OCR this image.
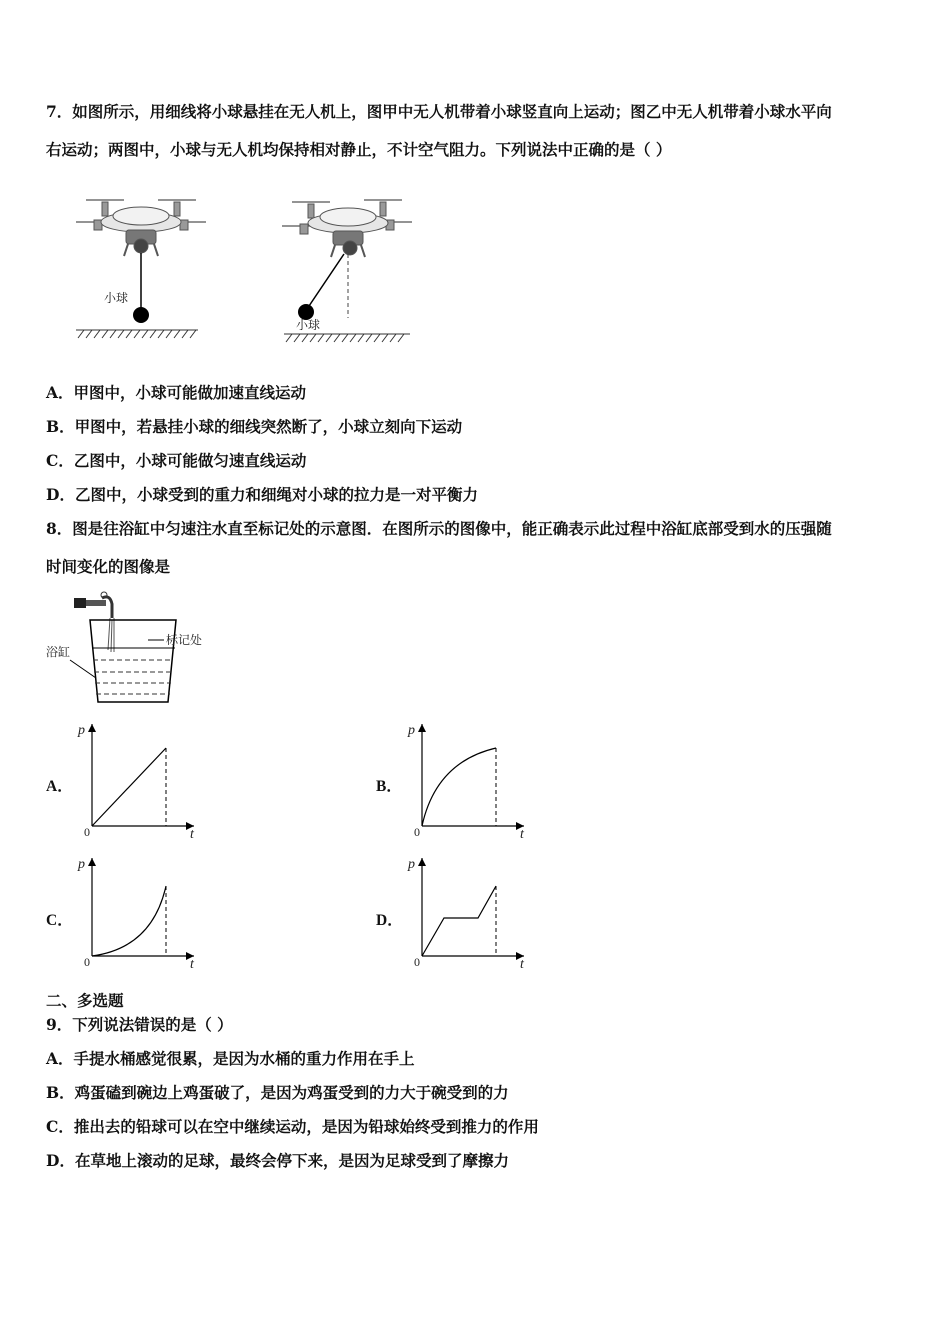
7．如图所示，用细线将小球悬挂在无人机上，图甲中无人机带着小球竖直向上运动；图乙中无人机带着小球水平向
右运动；两图中，小球与无人机均保持相对静止，不计空气阻力。下列说法中正确的是（ ）
小球
小球
A．甲图中，小球可能做加速直线运动
B．甲图中，若悬挂小球的细线突然断了，小球立刻向下运动
C．乙图中，小球可能做匀速直线运动
D．乙图中，小球受到的重力和细绳对小球的拉力是一对平衡力
8．图是往浴缸中匀速注水直至标记处的示意图．在图所示的图像中，能正确表示此过程中浴缸底部受到水的压强随
时间变化的图像是
标记处
浴缸
A．
p
t
0
B．
p
t
0
C．
p
t
0
D．
p
t
0
二、多选题
9．下列说法错误的是（ ）
A．手提水桶感觉很累，是因为水桶的重力作用在手上
B．鸡蛋磕到碗边上鸡蛋破了，是因为鸡蛋受到的力大于碗受到的力
C．推出去的铅球可以在空中继续运动，是因为铅球始终受到推力的作用
D．在草地上滚动的足球，最终会停下来，是因为足球受到了摩擦力
